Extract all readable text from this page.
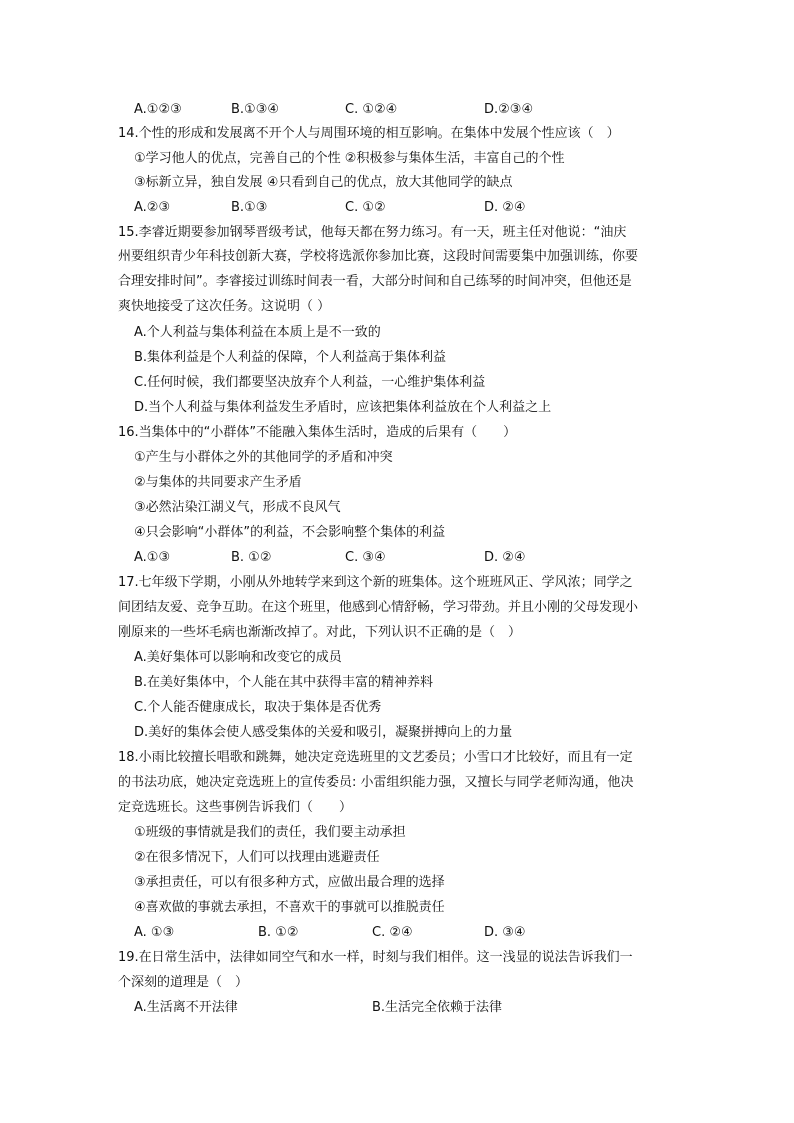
A.①②③	B.①③④	C. ①②④	D.②③④
14.个性的形成和发展离不开个人与周围环境的相互影响。在集体中发展个性应该（　）
①学习他人的优点，完善自己的个性 ②积极参与集体生活，丰富自己的个性
③标新立异，独自发展 ④只看到自己的优点，放大其他同学的缺点
A.②③	B.①③	C. ①②	D. ②④
15.李睿近期要参加钢琴晋级考试，他每天都在努力练习。有一天，班主任对他说：“油庆
州要组织青少年科技创新大赛，学校将选派你参加比赛，这段时间需要集中加强训练，你要
合理安排时间”。李睿接过训练时间表一看，大部分时间和自己练琴的时间冲突，但他还是
爽快地接受了这次任务。这说明（ ）
A.个人利益与集体利益在本质上是不一致的
B.集体利益是个人利益的保障，个人利益高于集体利益
C.任何时候，我们都要坚决放弃个人利益，一心维护集体利益
D.当个人利益与集体利益发生矛盾时，应该把集体利益放在个人利益之上
16.当集体中的“小群体”不能融入集体生活时，造成的后果有（　　）
①产生与小群体之外的其他同学的矛盾和冲突
②与集体的共同要求产生矛盾
③必然沾染江湖义气，形成不良风气
④只会影响“小群体”的利益，不会影响整个集体的利益
A.①③	B. ①②	C. ③④	D. ②④
17.七年级下学期，小刚从外地转学来到这个新的班集体。这个班班风正、学风浓；同学之
间团结友爱、竞争互助。在这个班里，他感到心情舒畅，学习带劲。并且小刚的父母发现小
刚原来的一些坏毛病也渐渐改掉了。对此，下列认识不正确的是（　）
A.美好集体可以影响和改变它的成员
B.在美好集体中，个人能在其中获得丰富的精神养料
C.个人能否健康成长，取决于集体是否优秀
D.美好的集体会使人感受集体的关爱和吸引，凝聚拼搏向上的力量
18.小雨比较擅长唱歌和跳舞，她决定竞选班里的文艺委员；小雪口才比较好，而且有一定
的书法功底，她决定竞选班上的宣传委员: 小雷组织能力强，又擅长与同学老师沟通，他决
定竞选班长。这些事例告诉我们（　　）
①班级的事情就是我们的责任，我们要主动承担
②在很多情况下，人们可以找理由逃避责任
③承担责任，可以有很多种方式，应做出最合理的选择
④喜欢做的事就去承担，不喜欢干的事就可以推脱责任
A. ①③	B. ①②	C. ②④	D. ③④
19.在日常生活中，法律如同空气和水一样，时刻与我们相伴。这一浅显的说法告诉我们一
个深刻的道理是（　）
A.生活离不开法律	B.生活完全依赖于法律
